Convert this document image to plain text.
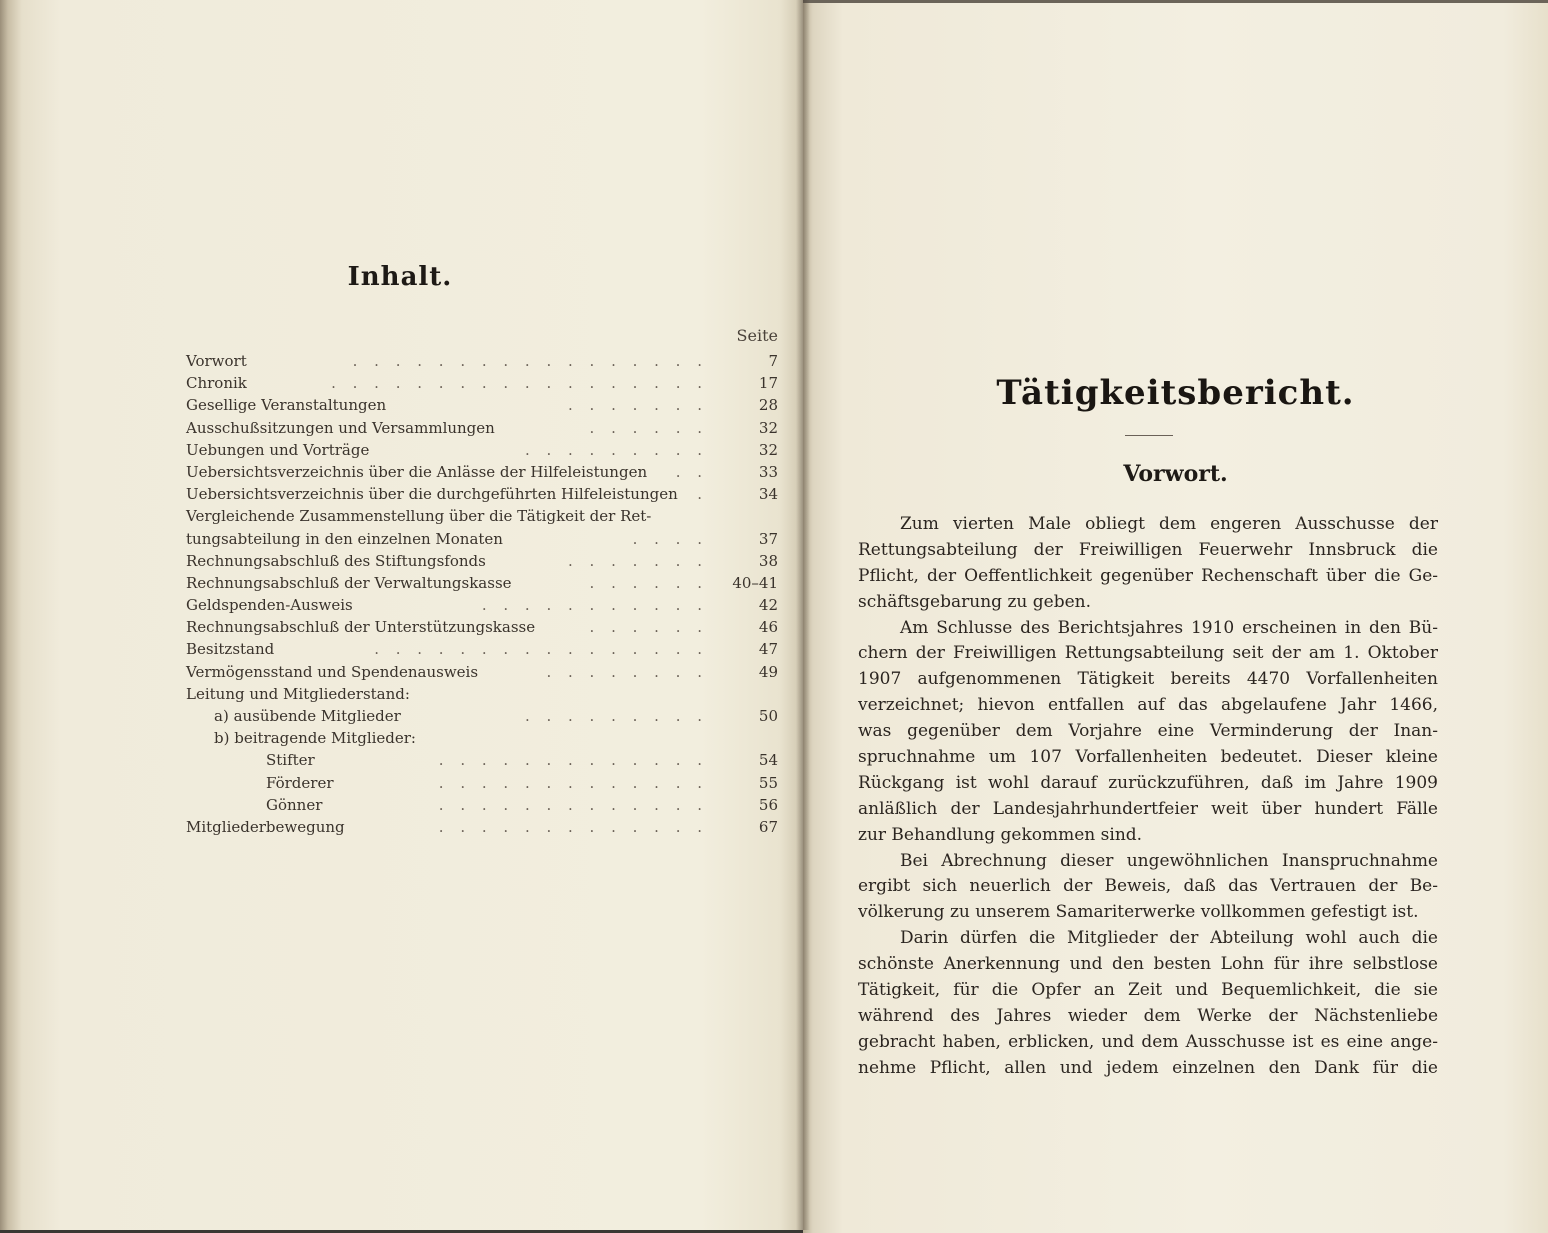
Inhalt.
Seite
Vorwort	. . . . . . . . . . . . . . . . .	7
Chronik	. . . . . . . . . . . . . . . . . .	17
Gesellige Veranstaltungen	. . . . . . .	28
Ausschußsitzungen und Versammlungen	. . . . . .	32
Uebungen und Vorträge	. . . . . . . . .	32
Uebersichtsverzeichnis über die Anlässe der Hilfeleistungen . .	33
Uebersichtsverzeichnis über die durchgeführten Hilfeleistungen .	34
Vergleichende Zusammenstellung über die Tätigkeit der Ret-
tungsabteilung in den einzelnen Monaten	. . . .	37
Rechnungsabschluß des Stiftungsfonds	. . . . . . .	38
Rechnungsabschluß der Verwaltungskasse	. . . . . . 40–41
Geldspenden-Ausweis	. . . . . . . . . . .	42
Rechnungsabschluß der Unterstützungskasse	. . . . . .	46
Besitzstand	. . . . . . . . . . . . . . . .	47
Vermögensstand und Spendenausweis	. . . . . . . .	49
Leitung und Mitgliederstand:
a) ausübende Mitglieder	. . . . . . . . .	50
b) beitragende Mitglieder:
Stifter	. . . . . . . . . . . . .	54
Förderer	. . . . . . . . . . . . .	55
Gönner	. . . . . . . . . . . . .	56
Mitgliederbewegung	. . . . . . . . . . . . .	67
Tätigkeitsbericht.
Vorwort.
Zum vierten Male obliegt dem engeren Ausschusse der
Rettungsabteilung der Freiwilligen Feuerwehr Innsbruck die
Pflicht, der Oeffentlichkeit gegenüber Rechenschaft über die Ge-
schäftsgebarung zu geben.
Am Schlusse des Berichtsjahres 1910 erscheinen in den Bü-
chern der Freiwilligen Rettungsabteilung seit der am 1. Oktober
1907 aufgenommenen Tätigkeit bereits 4470 Vorfallenheiten
verzeichnet; hievon entfallen auf das abgelaufene Jahr 1466,
was gegenüber dem Vorjahre eine Verminderung der Inan-
spruchnahme um 107 Vorfallenheiten bedeutet. Dieser kleine
Rückgang ist wohl darauf zurückzuführen, daß im Jahre 1909
anläßlich der Landesjahrhundertfeier weit über hundert Fälle
zur Behandlung gekommen sind.
Bei Abrechnung dieser ungewöhnlichen Inanspruchnahme
ergibt sich neuerlich der Beweis, daß das Vertrauen der Be-
völkerung zu unserem Samariterwerke vollkommen gefestigt ist.
Darin dürfen die Mitglieder der Abteilung wohl auch die
schönste Anerkennung und den besten Lohn für ihre selbstlose
Tätigkeit, für die Opfer an Zeit und Bequemlichkeit, die sie
während des Jahres wieder dem Werke der Nächstenliebe
gebracht haben, erblicken, und dem Ausschusse ist es eine ange-
nehme Pflicht, allen und jedem einzelnen den Dank für die
